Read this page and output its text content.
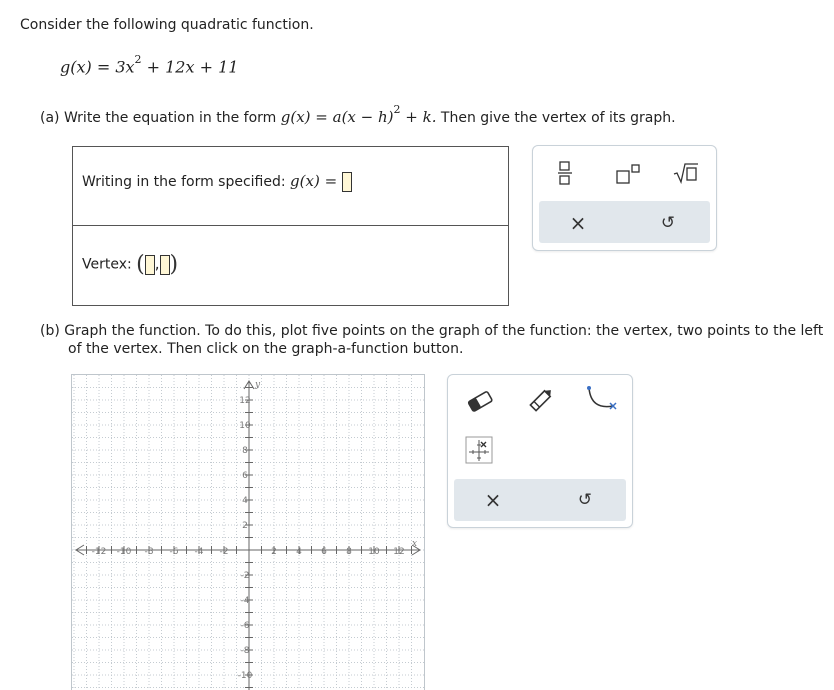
Consider the following quadratic function.
$g(x) = 3x^2 + 12x + 11$
(a) Write the equation in the form $g(x) = a(x - h)^2 + k$. Then give the vertex of its graph.
Writing in the form specified: g(x) =
Vertex: ( , )
×	↺
(b) Graph the function. To do this, plot five points on the graph of the function: the vertex, two points to the left
of the vertex. Then click on the graph-a-function button.
-12 -10 -8 -6 -4 -2	2 4 6 8 10 12
12
10
8
6
4
2
-2
-4
-6
-8
-10
x
y
×	↺
